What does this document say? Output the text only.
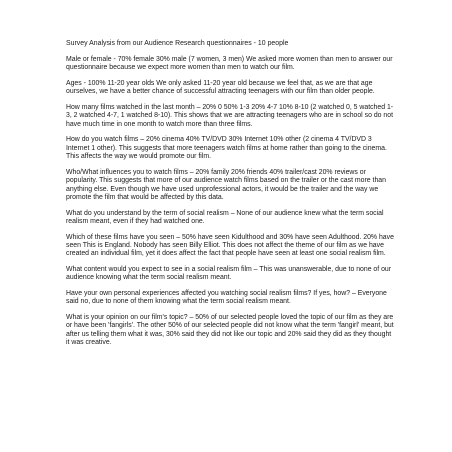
Survey Analysis from our Audience Research questionnaires - 10 people

Male or female - 70% female 30% male (7 women, 3 men) We asked more women than men to answer our questionnaire because we expect more women than men to watch our film.

Ages - 100% 11-20 year olds We only asked 11-20 year old because we feel that, as we are that age ourselves, we have a better chance of successful attracting teenagers with our film than older people.

How many films watched in the last month – 20% 0 50% 1-3 20% 4-7 10% 8-10 (2 watched 0, 5 watched 1-3, 2 watched 4-7, 1 watched 8-10). This shows that we are attracting teenagers who are in school so do not have much time in one month to watch more than three films.

How do you watch films – 20% cinema 40% TV/DVD 30% Internet 10% other (2 cinema 4 TV/DVD 3 Internet 1 other). This suggests that more teenagers watch films at home rather than going to the cinema. This affects the way we would promote our film.

Who/What influences you to watch films – 20% family 20% friends 40% trailer/cast 20% reviews or popularity. This suggests that more of our audience watch films based on the trailer or the cast more than anything else. Even though we have used unprofessional actors, it would be the trailer and the way we promote the film that would be affected by this data.

What do you understand by the term of social realism – None of our audience knew what the term social realism meant, even if they had watched one.

Which of these films have you seen – 50% have seen Kidulthood and 30% have seen Adulthood. 20% have seen This is England. Nobody has seen Billy Elliot. This does not affect the theme of our film as we have created an individual film, yet it does affect the fact that people have seen at least one social realism film.

What content would you expect to see in a social realism film – This was unanswerable, due to none of our audience knowing what the term social realism meant.

Have your own personal experiences affected you watching social realism films? If yes, how? – Everyone said no, due to none of them knowing what the term social realism meant.

What is your opinion on our film's topic? – 50% of our selected people loved the topic of our film as they are or have been 'fangirls'. The other 50% of our selected people did not know what the term 'fangirl' meant, but after us telling them what it was, 30% said they did not like our topic and 20% said they did as they thought it was creative.
